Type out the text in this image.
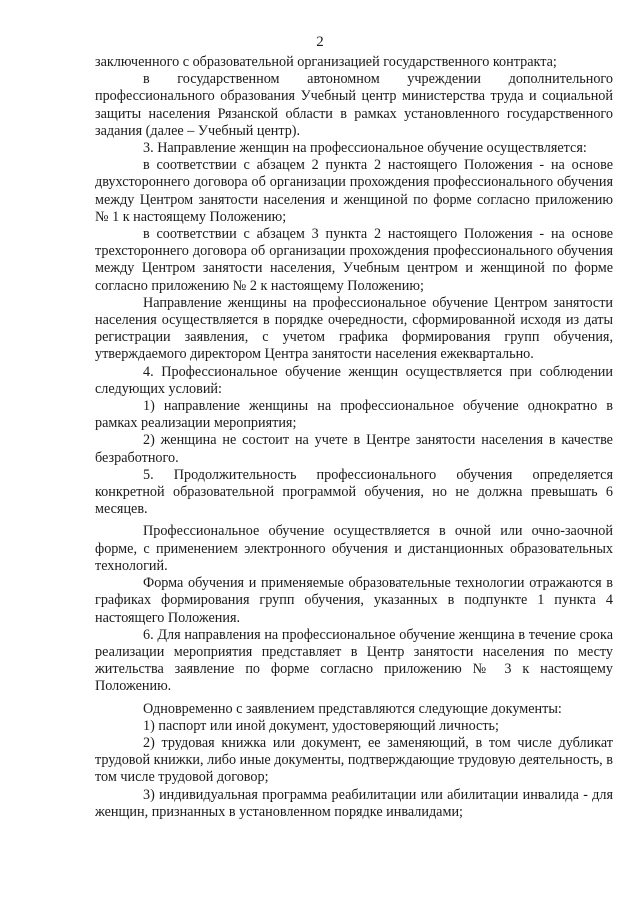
2

заключенного с образовательной организацией государственного контракта;

в государственном автономном учреждении дополнительного профессионального образования Учебный центр министерства труда и социальной защиты населения Рязанской области в рамках установленного государственного задания (далее – Учебный центр).

3. Направление женщин на профессиональное обучение осуществляется:

в соответствии с абзацем 2 пункта 2 настоящего Положения - на основе двухстороннего договора об организации прохождения профессионального обучения между Центром занятости населения и женщиной по форме согласно приложению № 1 к настоящему Положению;

в соответствии с абзацем 3 пункта 2 настоящего Положения - на основе трехстороннего договора об организации прохождения профессионального обучения между Центром занятости населения, Учебным центром и женщиной по форме согласно приложению № 2 к настоящему Положению;

Направление женщины на профессиональное обучение Центром занятости населения осуществляется в порядке очередности, сформированной исходя из даты регистрации заявления, с учетом графика формирования групп обучения, утверждаемого директором Центра занятости населения ежеквартально.

4. Профессиональное обучение женщин осуществляется при соблюдении следующих условий:

1) направление женщины на профессиональное обучение однократно в рамках реализации мероприятия;

2) женщина не состоит на учете в Центре занятости населения в качестве безработного.

5. Продолжительность профессионального обучения определяется конкретной образовательной программой обучения, но не должна превышать 6 месяцев.

Профессиональное обучение осуществляется в очной или очно-заочной форме, с применением электронного обучения и дистанционных образовательных технологий.

Форма обучения и применяемые образовательные технологии отражаются в графиках формирования групп обучения, указанных в подпункте 1 пункта 4 настоящего Положения.

6. Для направления на профессиональное обучение женщина в течение срока реализации мероприятия представляет в Центр занятости населения по месту жительства заявление по форме согласно приложению № 3 к настоящему Положению.

Одновременно с заявлением представляются следующие документы:

1) паспорт или иной документ, удостоверяющий личность;

2) трудовая книжка или документ, ее заменяющий, в том числе дубликат трудовой книжки, либо иные документы, подтверждающие трудовую деятельность, в том числе трудовой договор;

3) индивидуальная программа реабилитации или абилитации инвалида - для женщин, признанных в установленном порядке инвалидами;
